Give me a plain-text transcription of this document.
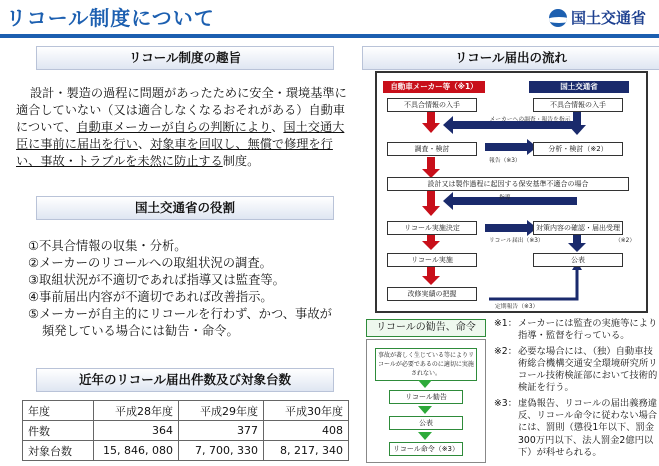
リコール制度について	国土交通省
リコール制度の趣旨

設計・製造の過程に問題があったために安全・環境基準に適合していない（又は適合しなくなるおそれがある）自動車について、自動車メーカーが自らの判断により、国土交通大臣に事前に届出を行い、対象車を回収し、無償で修理を行い、事故・トラブルを未然に防止する制度。

国土交通省の役割

①不具合情報の収集・分析。

②メーカーのリコールへの取組状況の調査。

③取組状況が不適切であれば指導又は監査等。

④事前届出内容が不適切であれば改善指示。

⑤メーカーが自主的にリコールを行わず、かつ、事故が

頻発している場合には勧告・命令。

近年のリコール届出件数及び対象台数
年度	平成28年度	平成29年度	平成30年度
件数	364	377	408
対象台数	15, 846, 080	7, 700, 330	8, 217, 340
リコール届出の流れ
自動車メーカー等（※1）	国土交通省
不具合情報の入手	不具合情報の入手
メーカーへの調査・報告を指示
調査・検討	分析・検討（※2）
報告（※3）
設計又は製作過程に起因する保安基準不適合の場合
指導
リコール実施決定	対策内容の確認・届出受理
リコール届出（※3）	（※2）
リコール実施	公表
改修実績の把握
定期報告（※3）
リコールの勧告、命令
事故が著しく生じている等によりリコールが必要であるのに適切に実施されない。
リコール勧告
公表
リコール命令（※3）
※1： メーカーには監査の実施等により指導・監督を行っている。
※2： 必要な場合には、（独）自動車技術総合機構交通安全環境研究所リコール技術検証部において技術的検証を行う。
※3： 虚偽報告、リコールの届出義務違反、リコール命令に従わない場合には、罰則（懲役1年以下、罰金300万円以下、法人罰金2億円以下）が科せられる。
